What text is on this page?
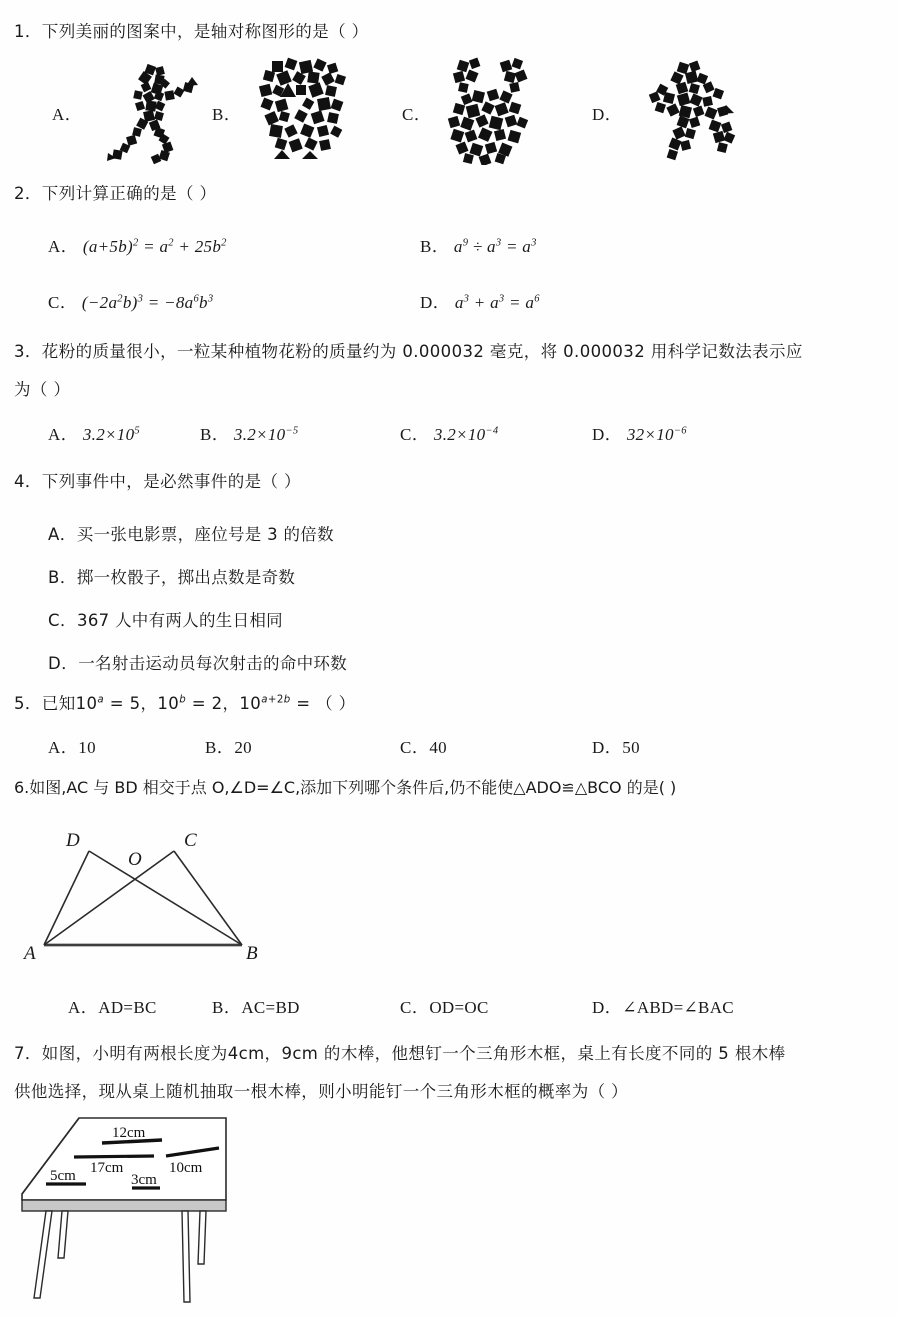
1．下列美丽的图案中，是轴对称图形的是（ ）
A．	B．	C．	D．
2．下列计算正确的是（ ）
A． $(a+5b)^2 = a^2 + 25b^2$	B． $a^9 \div a^3 = a^3$
C． $(-2a^2b)^3 = -8a^6b^3$	D． $a^3 + a^3 = a^6$
3．花粉的质量很小，一粒某种植物花粉的质量约为 0.000032 毫克，将 0.000032 用科学记数法表示应
为（ ）
A． $3.2\times 10^5$	B． $3.2\times 10^{-5}$	C． $3.2\times 10^{-4}$	D． $32\times 10^{-6}$
4．下列事件中，是必然事件的是（ ）
A．买一张电影票，座位号是 3 的倍数
B．掷一枚骰子，掷出点数是奇数
C．367 人中有两人的生日相同
D．一名射击运动员每次射击的命中环数
5．已知$10^a = 5$，$10^b = 2$，$10^{a+2b}$ = （ ）
A．10	B．20	C．40	D．50
6.如图,AC 与 BD 相交于点 O,∠D=∠C,添加下列哪个条件后,仍不能使△ADO≌△BCO 的是( )
D
O
C
A	B
A．AD=BC	B．AC=BD	C．OD=OC	D．∠ABD=∠BAC
7．如图，小明有两根长度为4cm，9cm 的木棒，他想钉一个三角形木框，桌上有长度不同的 5 根木棒
供他选择，现从桌上随机抽取一根木棒，则小明能钉一个三角形木框的概率为（ ）
12cm
17cm	10cm
5cm	3cm
